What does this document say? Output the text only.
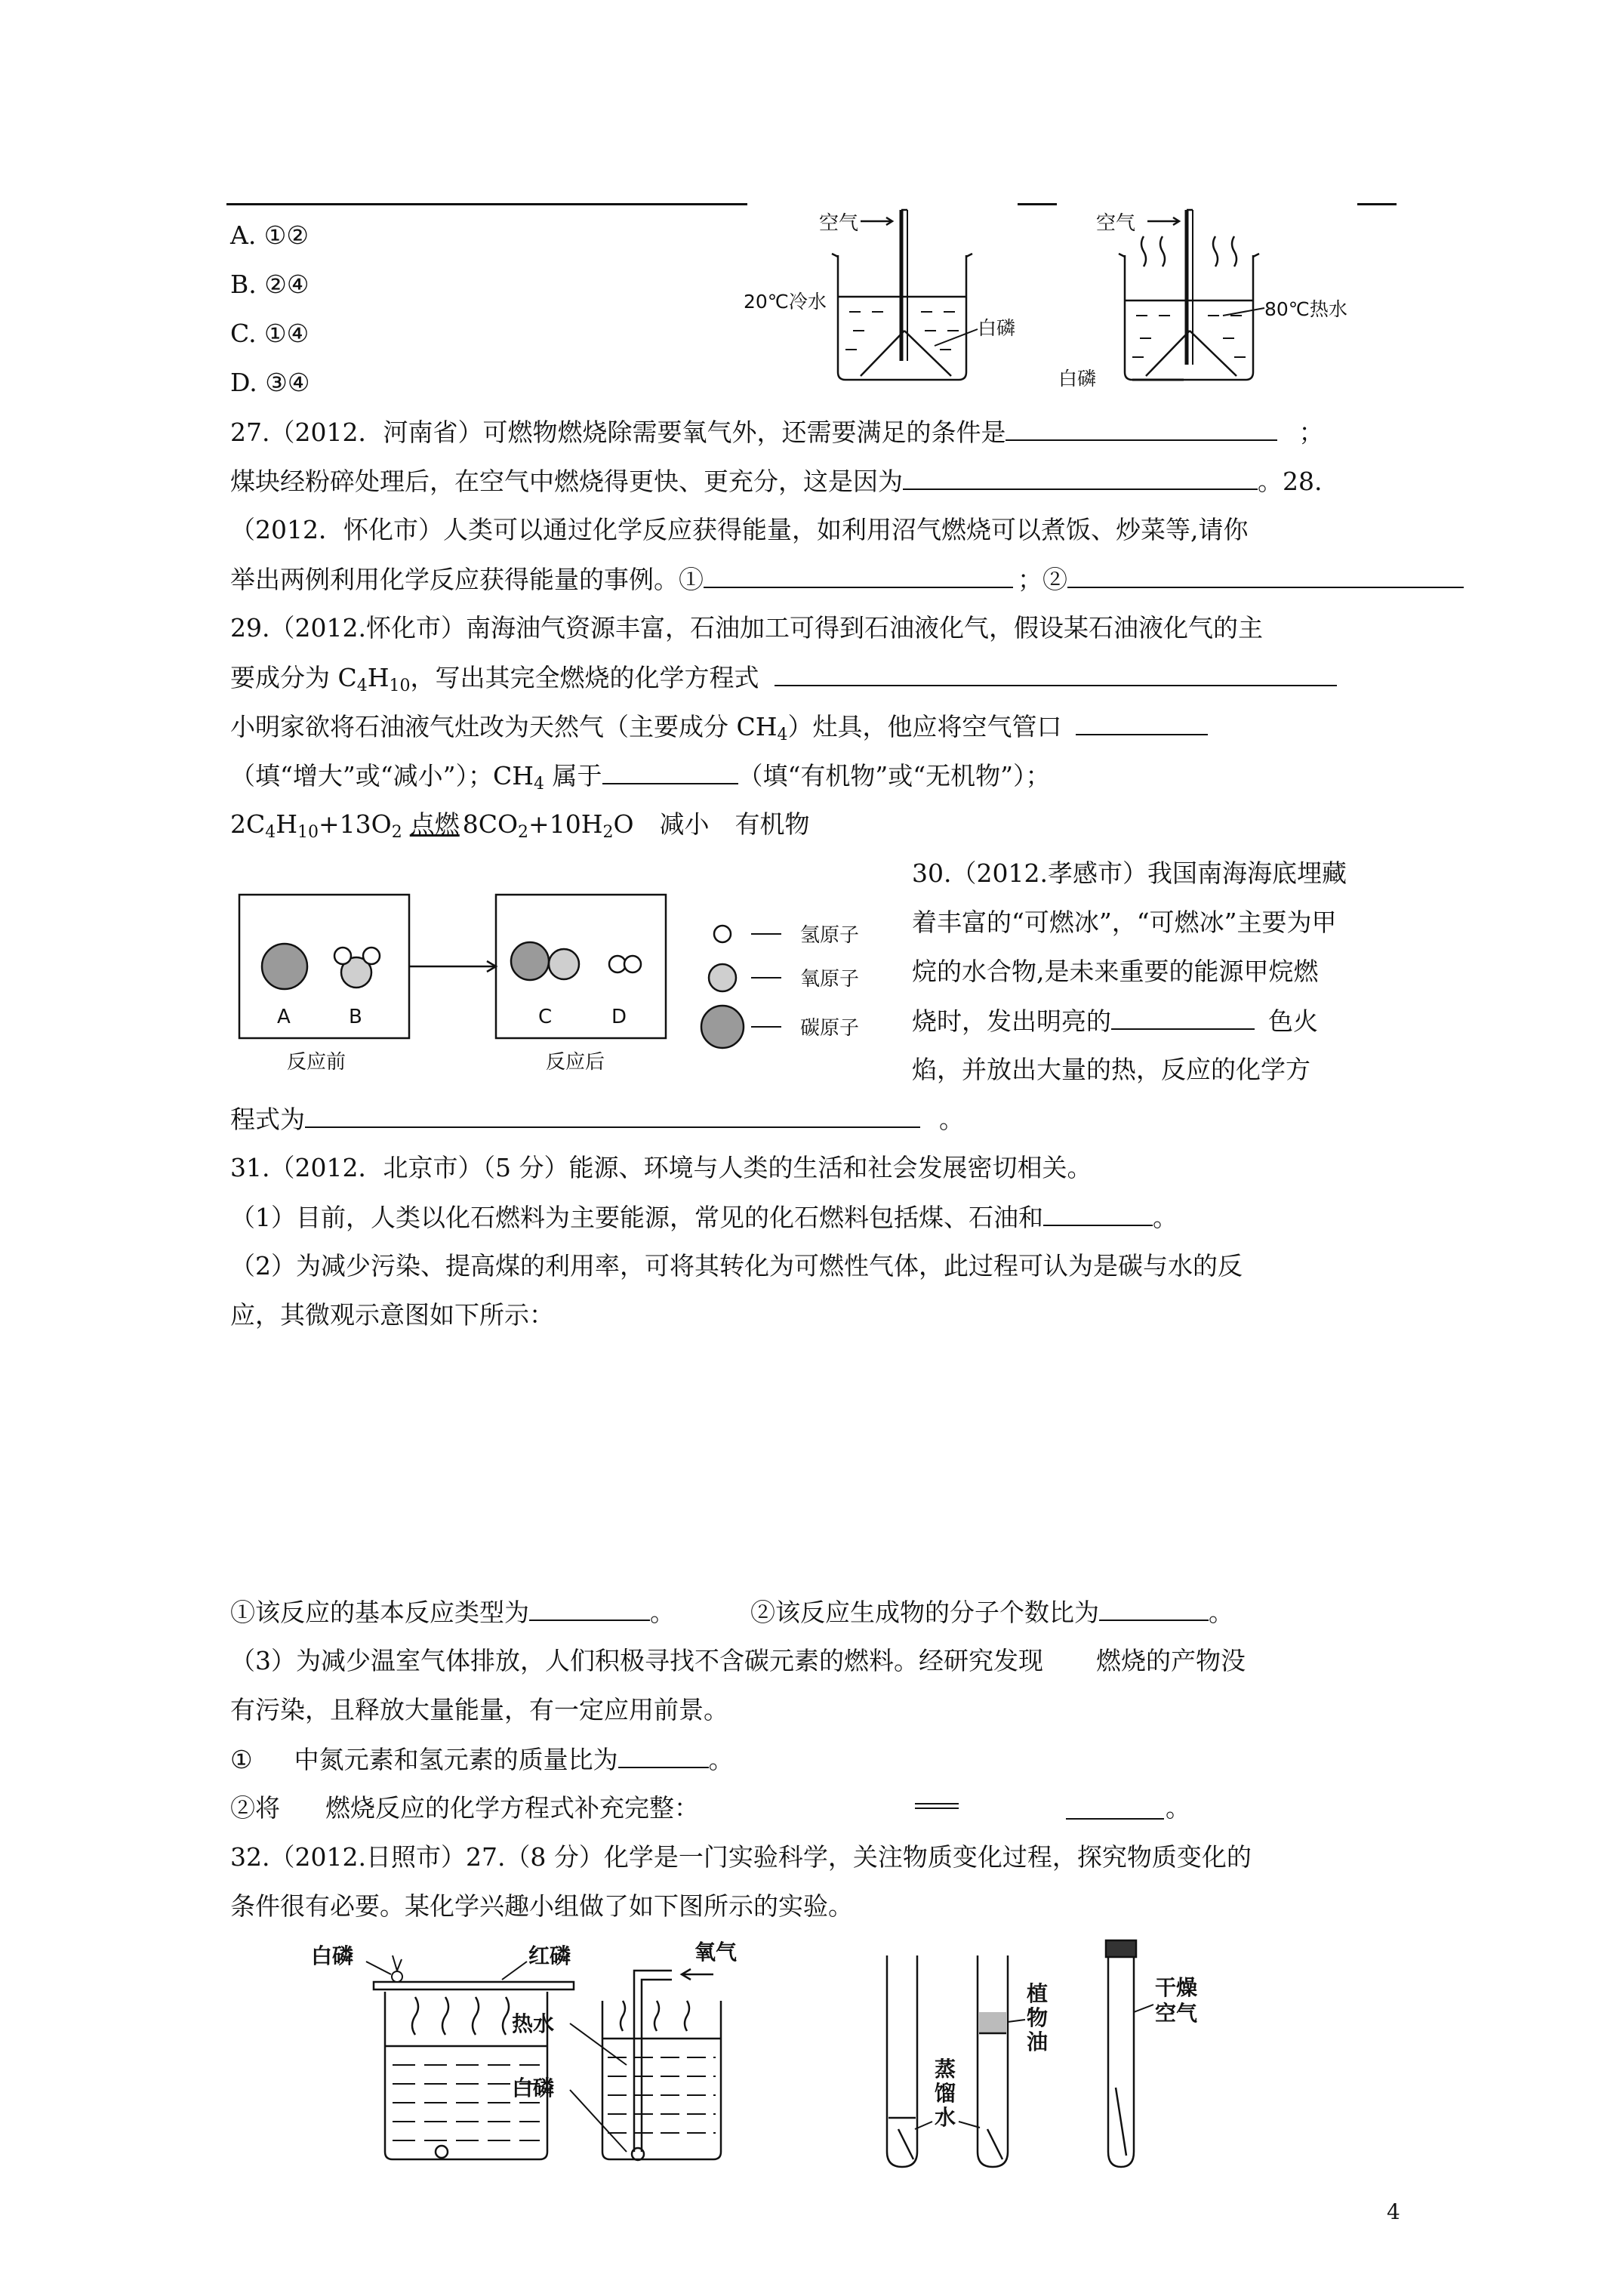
A. ①②
B. ②④
C. ①④
D. ③④
空气
20℃冷水
白磷
空气
80℃热水
白磷
27.（2012．河南省）可燃物燃烧除需要氧气外，还需要满足的条件是	；
煤块经粉碎处理后，在空气中燃烧得更快、更充分，这是因为	。28.
（2012．怀化市）人类可以通过化学反应获得能量，如利用沼气燃烧可以煮饭、炒菜等,请你
举出两例利用化学反应获得能量的事例。①	；②
29.（2012.怀化市）南海油气资源丰富，石油加工可得到石油液化气，假设某石油液化气的主
要成分为 $C_4H_{10}$，写出其完全燃烧的化学方程式
小明家欲将石油液气灶改为天然气（主要成分 $CH_4$）灶具，他应将空气管口
（填“增大”或“减小”）；$CH_4$ 属于	（填“有机物”或“无机物”）；
$2C_4H_{10}+13O_2$ 点燃 $8CO_2+10H_2O$ 减小 有机物
A	B
反应前
C	D
反应后
氢原子
氧原子
碳原子
30.（2012.孝感市）我国南海海底埋藏
着丰富的“可燃冰”，“可燃冰”主要为甲
烷的水合物,是未来重要的能源甲烷燃
烧时，发出明亮的	色火
焰，并放出大量的热，反应的化学方
程式为	。
31.（2012．北京市）（5 分）能源、环境与人类的生活和社会发展密切相关。
（1）目前，人类以化石燃料为主要能源，常见的化石燃料包括煤、石油和	。
（2）为减少污染、提高煤的利用率，可将其转化为可燃性气体，此过程可认为是碳与水的反
应，其微观示意图如下所示：
①该反应的基本反应类型为	。	②该反应生成物的分子个数比为	。
（3）为减少温室气体排放，人们积极寻找不含碳元素的燃料。经研究发现 燃烧的产物没
有污染，且释放大量能量，有一定应用前景。
① 中氮元素和氢元素的质量比为	。
②将 燃烧反应的化学方程式补充完整：	。
32.（2012.日照市）27.（8 分）化学是一门实验科学，关注物质变化过程，探究物质变化的
条件很有必要。某化学兴趣小组做了如下图所示的实验。
白磷	红磷
热水
白磷
氧气
蒸
馏
水
植
物
油
干燥
空气
4
